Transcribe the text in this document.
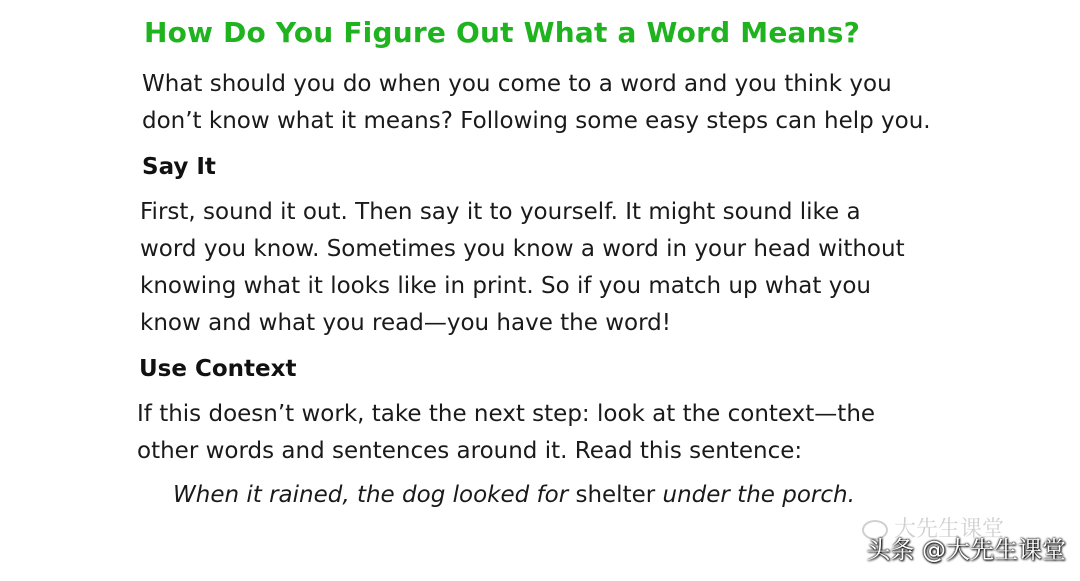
How Do You Figure Out What a Word Means?

What should you do when you come to a word and you think you
don’t know what it means? Following some easy steps can help you.

Say It

First, sound it out. Then say it to yourself. It might sound like a
word you know. Sometimes you know a word in your head without
knowing what it looks like in print. So if you match up what you
know and what you read—you have the word!

Use Context

If this doesn’t work, take the next step: look at the context—the
other words and sentences around it. Read this sentence:

When it rained, the dog looked for shelter under the porch.

大先生课堂
头条 @大先生课堂
